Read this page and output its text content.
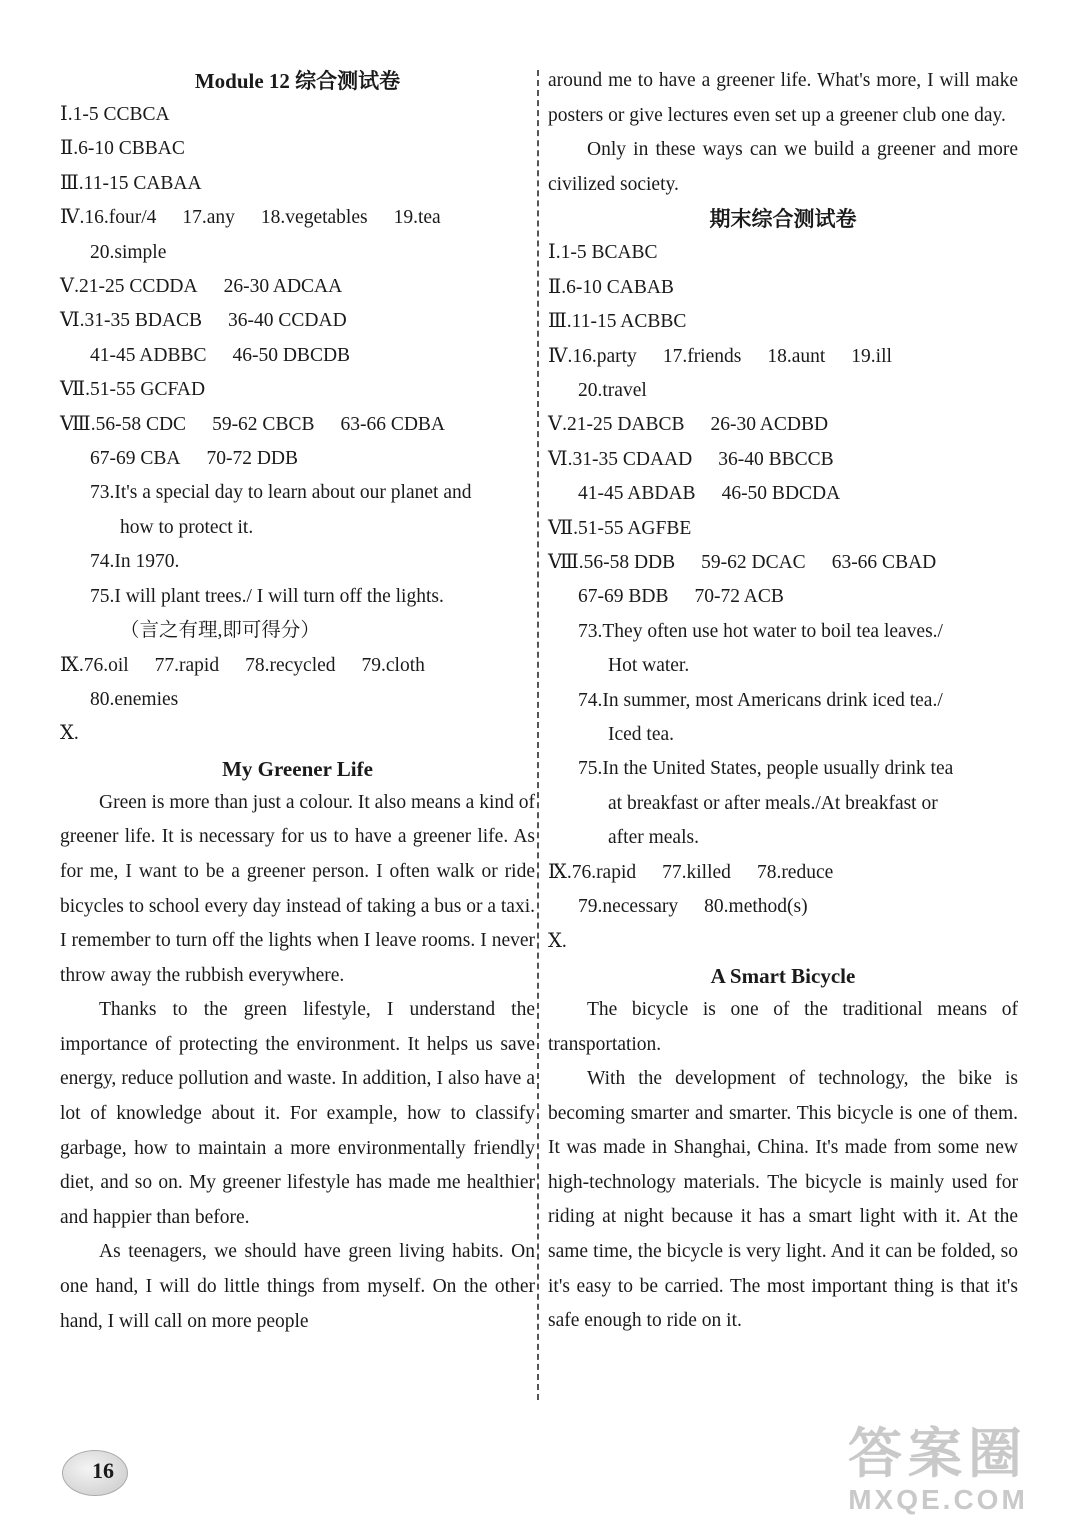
Module 12 综合测试卷
Ⅰ.1-5 CCBCA
Ⅱ.6-10 CBBAC
Ⅲ.11-15 CABAA
Ⅳ.16.four/4 17.any 18.vegetables 19.tea
20.simple
Ⅴ.21-25 CCDDA 26-30 ADCAA
Ⅵ.31-35 BDACB 36-40 CCDAD
41-45 ADBBC 46-50 DBCDB
Ⅶ.51-55 GCFAD
Ⅷ.56-58 CDC 59-62 CBCB 63-66 CDBA
67-69 CBA 70-72 DDB
73.It's a special day to learn about our planet and
how to protect it.
74.In 1970.
75.I will plant trees./ I will turn off the lights.
（言之有理,即可得分）
Ⅸ.76.oil 77.rapid 78.recycled 79.cloth
80.enemies
Ⅹ.
My Greener Life

Green is more than just a colour. It also means a kind of greener life. It is necessary for us to have a greener life. As for me, I want to be a greener person. I often walk or ride bicycles to school every day instead of taking a bus or a taxi. I remember to turn off the lights when I leave rooms. I never throw away the rubbish everywhere.

Thanks to the green lifestyle, I understand the importance of protecting the environment. It helps us save energy, reduce pollution and waste. In addition, I also have a lot of knowledge about it. For example, how to classify garbage, how to maintain a more environmentally friendly diet, and so on. My greener lifestyle has made me healthier and happier than before.

As teenagers, we should have green living habits. On one hand, I will do little things from myself. On the other hand, I will call on more people

around me to have a greener life. What's more, I will make posters or give lectures even set up a greener club one day.

Only in these ways can we build a greener and more civilized society.

期末综合测试卷
Ⅰ.1-5 BCABC
Ⅱ.6-10 CABAB
Ⅲ.11-15 ACBBC
Ⅳ.16.party 17.friends 18.aunt 19.ill
20.travel
Ⅴ.21-25 DABCB 26-30 ACDBD
Ⅵ.31-35 CDAAD 36-40 BBCCB
41-45 ABDAB 46-50 BDCDA
Ⅶ.51-55 AGFBE
Ⅷ.56-58 DDB 59-62 DCAC 63-66 CBAD
67-69 BDB 70-72 ACB
73.They often use hot water to boil tea leaves./
Hot water.
74.In summer, most Americans drink iced tea./
Iced tea.
75.In the United States, people usually drink tea
at breakfast or after meals./At breakfast or
after meals.
Ⅸ.76.rapid 77.killed 78.reduce
79.necessary 80.method(s)
Ⅹ.
A Smart Bicycle

The bicycle is one of the traditional means of transportation.

With the development of technology, the bike is becoming smarter and smarter. This bicycle is one of them. It was made in Shanghai, China. It's made from some new high-technology materials. The bicycle is mainly used for riding at night because it has a smart light with it. At the same time, the bicycle is very light. And it can be folded, so it's easy to be carried. The most important thing is that it's safe enough to ride on it.

16	答案圈
MXQE.COM
